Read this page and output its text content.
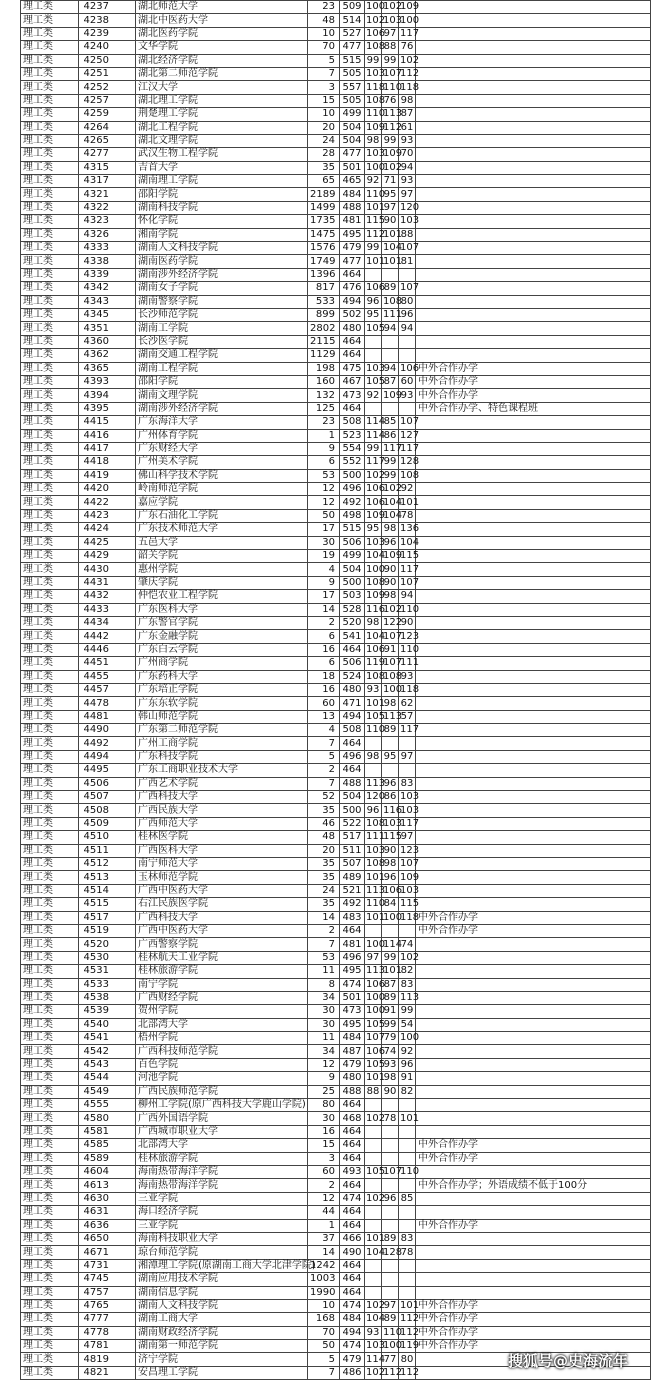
理工类	4237	湖北师范大学	23	509	100	102	109	
理工类	4238	湖北中医药大学	48	514	102	103	100	
理工类	4239	湖北医药学院	10	527	106	97	117	
理工类	4240	文华学院	70	477	108	88	76	
理工类	4250	湖北经济学院	5	515	99	99	102	
理工类	4251	湖北第二师范学院	7	505	103	107	112	
理工类	4252	江汉大学	3	557	118	110	118	
理工类	4257	湖北理工学院	15	505	108	76	98	
理工类	4259	荆楚理工学院	10	499	110	113	87	
理工类	4264	湖北工程学院	20	504	109	112	61	
理工类	4265	湖北文理学院	24	504	98	99	93	
理工类	4277	武汉生物工程学院	28	477	103	109	70	
理工类	4315	吉首大学	35	501	100	102	94	
理工类	4317	湖南理工学院	65	465	92	71	93	
理工类	4321	邵阳学院	2189	484	110	95	97	
理工类	4322	湖南科技学院	1499	488	101	97	120	
理工类	4323	怀化学院	1735	481	115	90	103	
理工类	4326	湘南学院	1475	495	112	101	88	
理工类	4333	湖南人文科技学院	1576	479	99	104	107	
理工类	4338	湖南医药学院	1749	477	101	101	81	
理工类	4339	湖南涉外经济学院	1396	464				
理工类	4342	湖南女子学院	817	476	106	89	107	
理工类	4343	湖南警察学院	533	494	96	108	80	
理工类	4345	长沙师范学院	899	502	95	111	96	
理工类	4351	湖南工学院	2802	480	105	94	94	
理工类	4360	长沙医学院	2115	464				
理工类	4362	湖南交通工程学院	1129	464				
理工类	4365	湖南工程学院	198	475	103	94	106	中外合作办学
理工类	4393	邵阳学院	160	467	105	87	60	中外合作办学
理工类	4394	湖南文理学院	132	473	92	109	93	中外合作办学
理工类	4395	湖南涉外经济学院	125	464				中外合作办学、特色课程班
理工类	4415	广东海洋大学	23	508	114	85	107	
理工类	4416	广州体育学院	1	523	114	86	127	
理工类	4417	广东财经大学	9	554	99	117	117	
理工类	4418	广州美术学院	6	552	117	99	128	
理工类	4419	佛山科学技术学院	53	500	102	99	108	
理工类	4420	岭南师范学院	12	496	106	102	92	
理工类	4422	嘉应学院	12	492	106	104	101	
理工类	4423	广东石油化工学院	50	498	109	104	78	
理工类	4424	广东技术师范大学	17	515	95	98	136	
理工类	4425	五邑大学	30	506	103	96	104	
理工类	4429	韶关学院	19	499	104	109	115	
理工类	4430	惠州学院	4	504	100	90	117	
理工类	4431	肇庆学院	9	500	108	90	107	
理工类	4432	仲恺农业工程学院	17	503	109	98	94	
理工类	4433	广东医科大学	14	528	116	102	110	
理工类	4434	广东警官学院	2	520	98	122	90	
理工类	4442	广东金融学院	6	541	104	107	123	
理工类	4446	广东白云学院	16	464	106	91	110	
理工类	4451	广州商学院	6	506	119	107	111	
理工类	4455	广东药科大学	18	524	108	108	93	
理工类	4457	广东培正学院	16	480	93	100	118	
理工类	4478	广东东软学院	60	471	101	98	62	
理工类	4481	韩山师范学院	13	494	105	113	57	
理工类	4490	广东第二师范学院	4	508	110	89	117	
理工类	4492	广州工商学院	7	464				
理工类	4494	广东科技学院	5	496	98	95	97	
理工类	4495	广东工商职业技术大学	2	464				
理工类	4506	广西艺术学院	7	488	113	96	83	
理工类	4507	广西科技大学	52	504	120	86	103	
理工类	4508	广西民族大学	35	500	96	116	103	
理工类	4509	广西师范大学	46	522	108	103	117	
理工类	4510	桂林医学院	48	517	111	115	97	
理工类	4511	广西医科大学	20	511	103	90	123	
理工类	4512	南宁师范大学	35	507	108	98	107	
理工类	4513	玉林师范学院	35	489	101	96	109	
理工类	4514	广西中医药大学	24	521	113	106	103	
理工类	4515	右江民族医学院	35	492	110	84	115	
理工类	4517	广西科技大学	14	483	101	100	118	中外合作办学
理工类	4519	广西中医药大学	2	464				中外合作办学
理工类	4520	广西警察学院	7	481	100	114	74	
理工类	4530	桂林航天工业学院	53	496	97	99	102	
理工类	4531	桂林旅游学院	11	495	113	101	82	
理工类	4533	南宁学院	8	474	106	87	83	
理工类	4538	广西财经学院	34	501	100	89	113	
理工类	4539	贺州学院	30	473	100	91	99	
理工类	4540	北部湾大学	30	495	105	99	54	
理工类	4541	梧州学院	11	484	107	79	100	
理工类	4542	广西科技师范学院	34	487	106	74	92	
理工类	4543	百色学院	12	479	105	93	96	
理工类	4544	河池学院	9	480	101	98	91	
理工类	4549	广西民族师范学院	25	488	88	90	82	
理工类	4555	柳州工学院(原广西科技大学鹿山学院)	80	464				
理工类	4580	广西外国语学院	30	468	102	78	101	
理工类	4581	广西城市职业大学	16	464				
理工类	4585	北部湾大学	15	464				中外合作办学
理工类	4589	桂林旅游学院	3	464				中外合作办学
理工类	4604	海南热带海洋学院	60	493	105	107	110	
理工类	4613	海南热带海洋学院	2	464				中外合作办学；外语成绩不低于100分
理工类	4630	三亚学院	12	474	102	96	85	
理工类	4631	海口经济学院	44	464				
理工类	4636	三亚学院	1	464				中外合作办学
理工类	4650	海南科技职业大学	37	466	101	89	83	
理工类	4671	琼台师范学院	14	490	104	128	78	
理工类	4731	湘潭理工学院(原湖南工商大学北津学院)	1242	464				
理工类	4745	湖南应用技术学院	1003	464				
理工类	4757	湖南信息学院	1990	464				
理工类	4765	湖南人文科技学院	10	474	102	97	101	中外合作办学
理工类	4777	湖南工商大学	168	484	104	89	112	中外合作办学
理工类	4778	湖南财政经济学院	70	494	93	110	112	中外合作办学
理工类	4781	湖南第一师范学院	50	474	103	100	119	中外合作办学
理工类	4819	济宁学院	5	479	114	77	80	
理工类	4821	安昌理工学院	7	486	102	112	112	
搜狐号@史海流年
